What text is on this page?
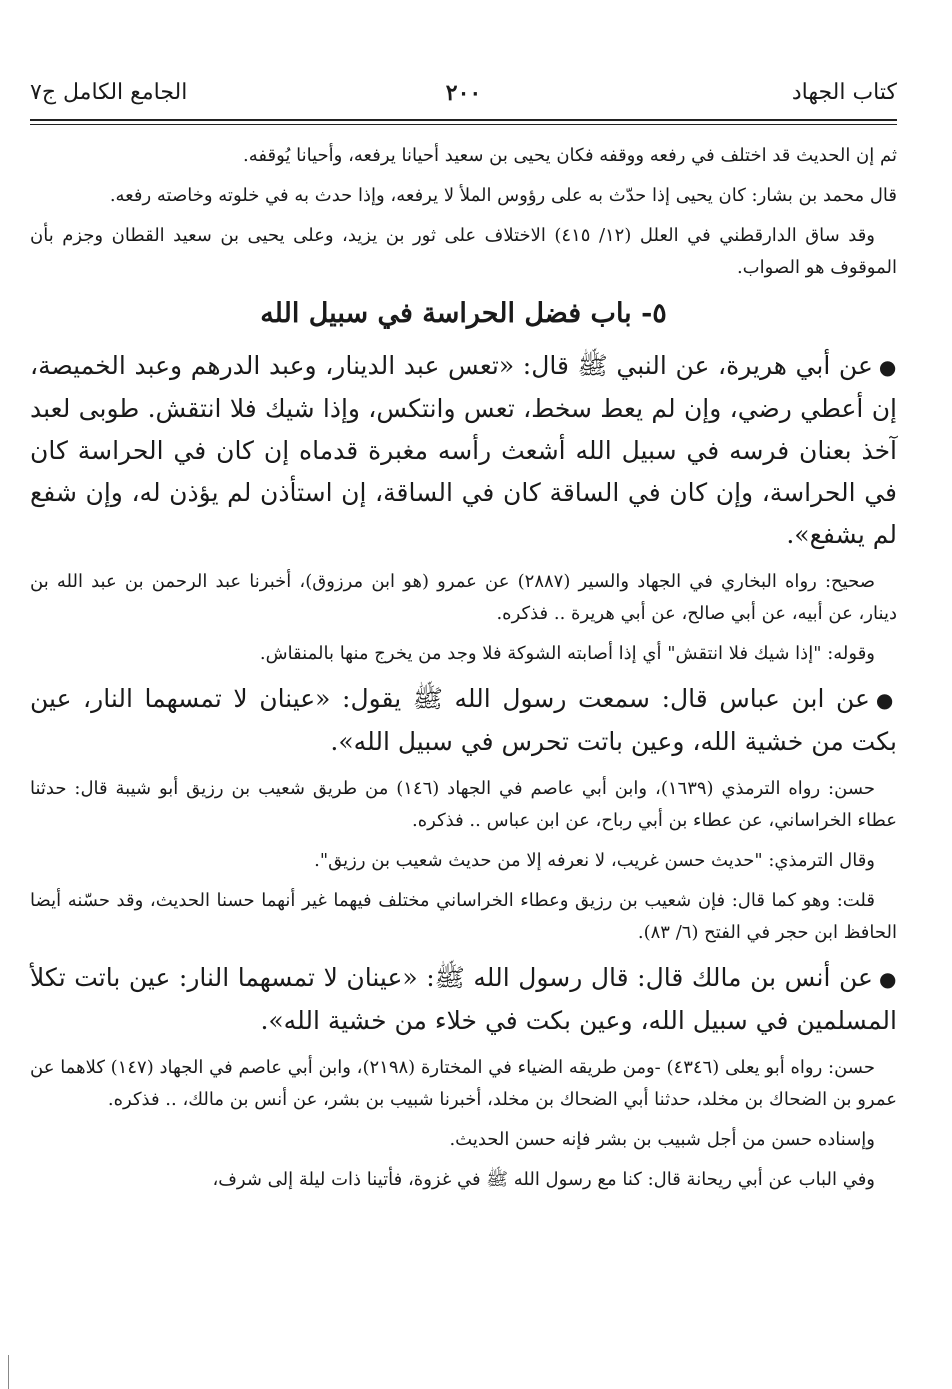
كتاب الجهاد
٢٠٠
الجامع الكامل ج٧

ثم إن الحديث قد اختلف في رفعه ووقفه فكان يحيى بن سعيد أحيانا يرفعه، وأحيانا يُوقفه.

قال محمد بن بشار: كان يحيى إذا حدّث به على رؤوس الملأ لا يرفعه، وإذا حدث به في خلوته وخاصته رفعه.

وقد ساق الدارقطني في العلل (١٢/ ٤١٥) الاختلاف على ثور بن يزيد، وعلى يحيى بن سعيد القطان وجزم بأن الموقوف هو الصواب.

٥- باب فضل الحراسة في سبيل الله

●عن أبي هريرة، عن النبي ﷺ قال: «تعس عبد الدينار، وعبد الدرهم وعبد الخميصة، إن أعطي رضي، وإن لم يعط سخط، تعس وانتكس، وإذا شيك فلا انتقش. طوبى لعبد آخذ بعنان فرسه في سبيل الله أشعث رأسه مغبرة قدماه إن كان في الحراسة كان في الحراسة، وإن كان في الساقة كان في الساقة، إن استأذن لم يؤذن له، وإن شفع لم يشفع».

صحيح: رواه البخاري في الجهاد والسير (٢٨٨٧) عن عمرو (هو ابن مرزوق)، أخبرنا عبد الرحمن بن عبد الله بن دينار، عن أبيه، عن أبي صالح، عن أبي هريرة .. فذكره.

وقوله: "إذا شيك فلا انتقش" أي إذا أصابته الشوكة فلا وجد من يخرج منها بالمنقاش.

●عن ابن عباس قال: سمعت رسول الله ﷺ يقول: «عينان لا تمسهما النار، عين بكت من خشية الله، وعين باتت تحرس في سبيل الله».

حسن: رواه الترمذي (١٦٣٩)، وابن أبي عاصم في الجهاد (١٤٦) من طريق شعيب بن رزيق أبو شيبة قال: حدثنا عطاء الخراساني، عن عطاء بن أبي رباح، عن ابن عباس .. فذكره.

وقال الترمذي: "حديث حسن غريب، لا نعرفه إلا من حديث شعيب بن رزيق".

قلت: وهو كما قال: فإن شعيب بن رزيق وعطاء الخراساني مختلف فيهما غير أنهما حسنا الحديث، وقد حسّنه أيضا الحافظ ابن حجر في الفتح (٦/ ٨٣).

●عن أنس بن مالك قال: قال رسول الله ﷺ: «عينان لا تمسهما النار: عين باتت تكلأ المسلمين في سبيل الله، وعين بكت في خلاء من خشية الله».

حسن: رواه أبو يعلى (٤٣٤٦) -ومن طريقه الضياء في المختارة (٢١٩٨)، وابن أبي عاصم في الجهاد (١٤٧) كلاهما عن عمرو بن الضحاك بن مخلد، حدثنا أبي الضحاك بن مخلد، أخبرنا شبيب بن بشر، عن أنس بن مالك، .. فذكره.

وإسناده حسن من أجل شبيب بن بشر فإنه حسن الحديث.

وفي الباب عن أبي ريحانة قال: كنا مع رسول الله ﷺ في غزوة، فأتينا ذات ليلة إلى شرف،
